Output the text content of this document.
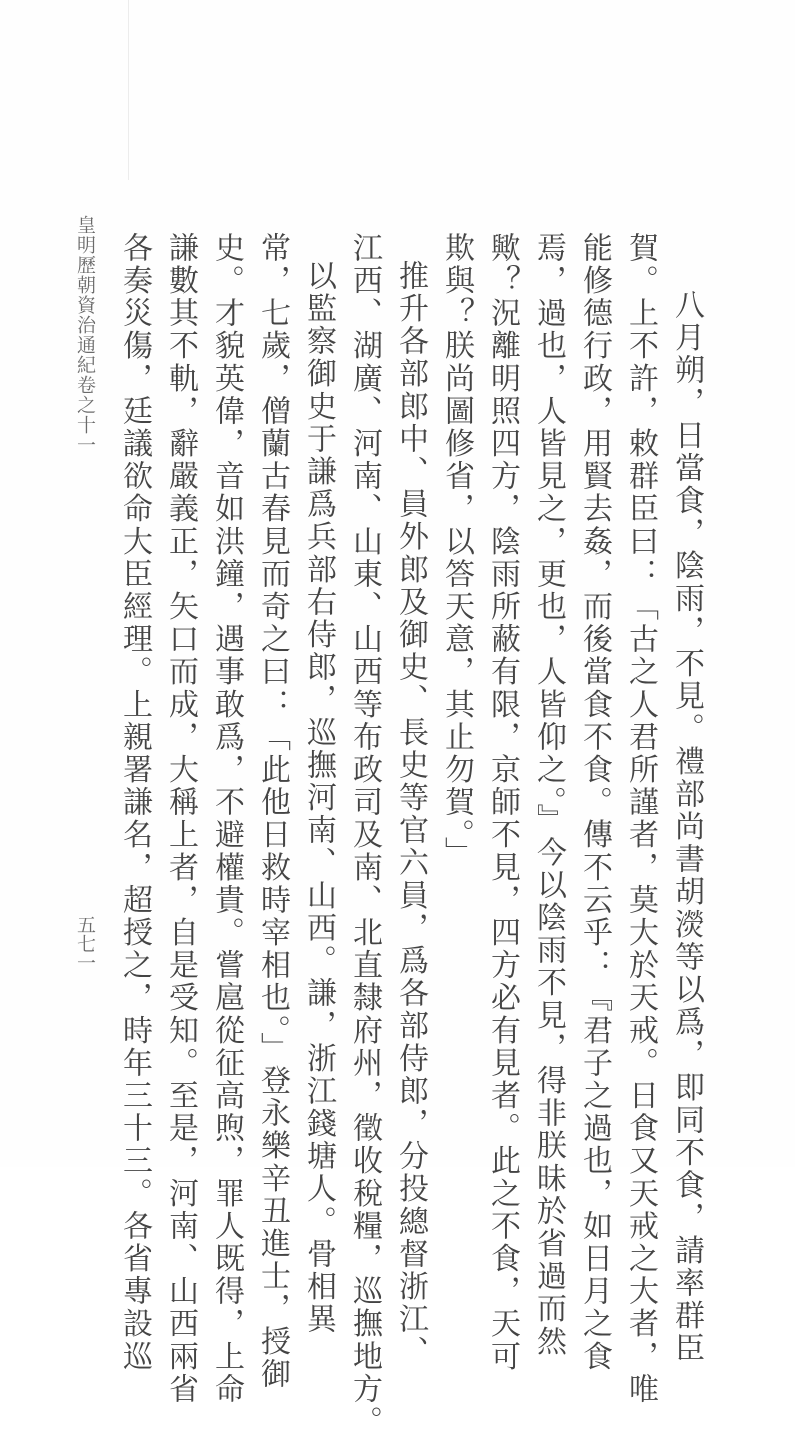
皇明歷朝資治通紀卷之十一
五七一	八月朔，日當食，陰雨，不見。禮部尚書胡濙等以爲，即同不食，請率群臣
賀。上不許，敕群臣曰：「古之人君所謹者，莫大於天戒。日食又天戒之大者，唯
能修德行政，用賢去姦，而後當食不食。傳不云乎：『君子之過也，如日月之食
焉，過也，人皆見之，更也，人皆仰之。』今以陰雨不見，得非朕昧於省過而然
歟？況離明照四方，陰雨所蔽有限，京師不見，四方必有見者。此之不食，天可
欺與？朕尚圖修省，以答天意，其止勿賀。」
推升各部郎中、員外郎及御史、長史等官六員，爲各部侍郎，分投總督浙江、
江西、湖廣、河南、山東、山西等布政司及南、北直隸府州，徵收稅糧，巡撫地方。
以監察御史于謙爲兵部右侍郎，巡撫河南、山西。謙，浙江錢塘人。骨相異
常，七歲，僧蘭古春見而奇之曰：「此他日救時宰相也。」登永樂辛丑進士，授御
史。才貌英偉，音如洪鐘，遇事敢爲，不避權貴。嘗扈從征高煦，罪人既得，上命
謙數其不軌，辭嚴義正，矢口而成，大稱上者，自是受知。至是，河南、山西兩省
各奏災傷，廷議欲命大臣經理。上親署謙名，超授之，時年三十三。各省專設巡
